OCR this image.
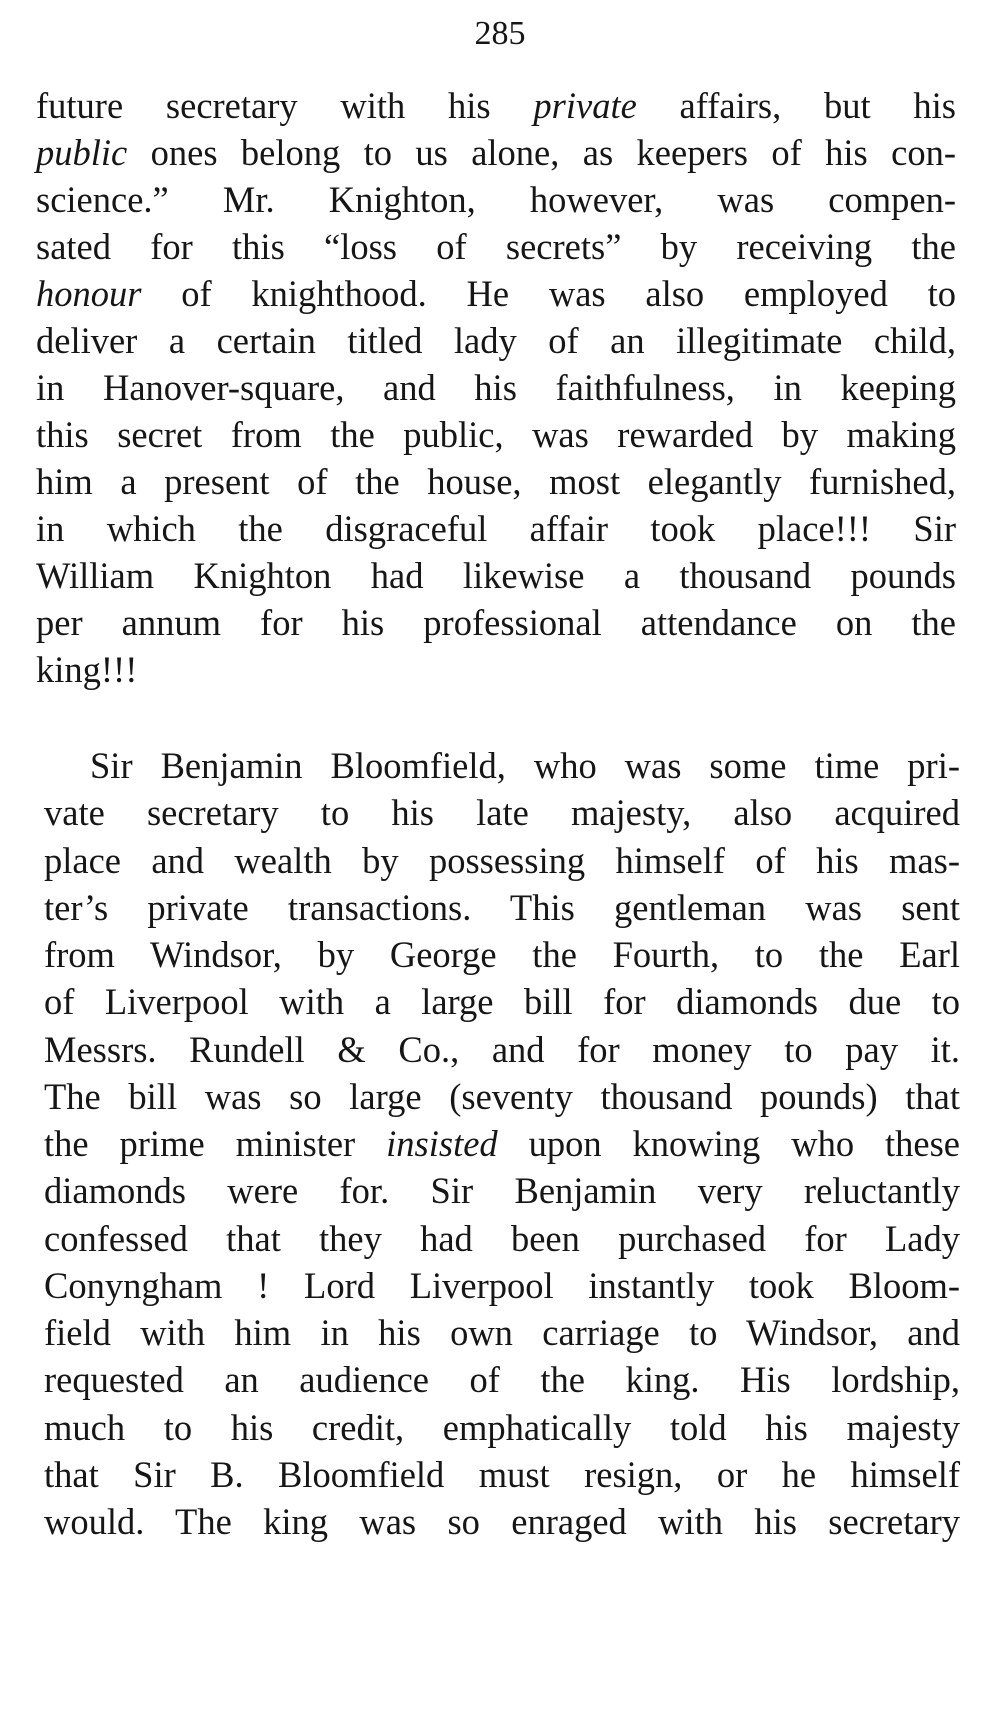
285
future secretary with his private affairs, but his
public ones belong to us alone, as keepers of his con-
science.” Mr. Knighton, however, was compen-
sated for this “loss of secrets” by receiving the
honour of knighthood. He was also employed to
deliver a certain titled lady of an illegitimate child,
in Hanover-square, and his faithfulness, in keeping
this secret from the public, was rewarded by making
him a present of the house, most elegantly furnished,
in which the disgraceful affair took place!!! Sir
William Knighton had likewise a thousand pounds
per annum for his professional attendance on the
king!!!
Sir Benjamin Bloomfield, who was some time pri-
vate secretary to his late majesty, also acquired
place and wealth by possessing himself of his mas-
ter’s private transactions. This gentleman was sent
from Windsor, by George the Fourth, to the Earl
of Liverpool with a large bill for diamonds due to
Messrs. Rundell & Co., and for money to pay it.
The bill was so large (seventy thousand pounds) that
the prime minister insisted upon knowing who these
diamonds were for. Sir Benjamin very reluctantly
confessed that they had been purchased for Lady
Conyngham ! Lord Liverpool instantly took Bloom-
field with him in his own carriage to Windsor, and
requested an audience of the king. His lordship,
much to his credit, emphatically told his majesty
that Sir B. Bloomfield must resign, or he himself
would. The king was so enraged with his secretary
